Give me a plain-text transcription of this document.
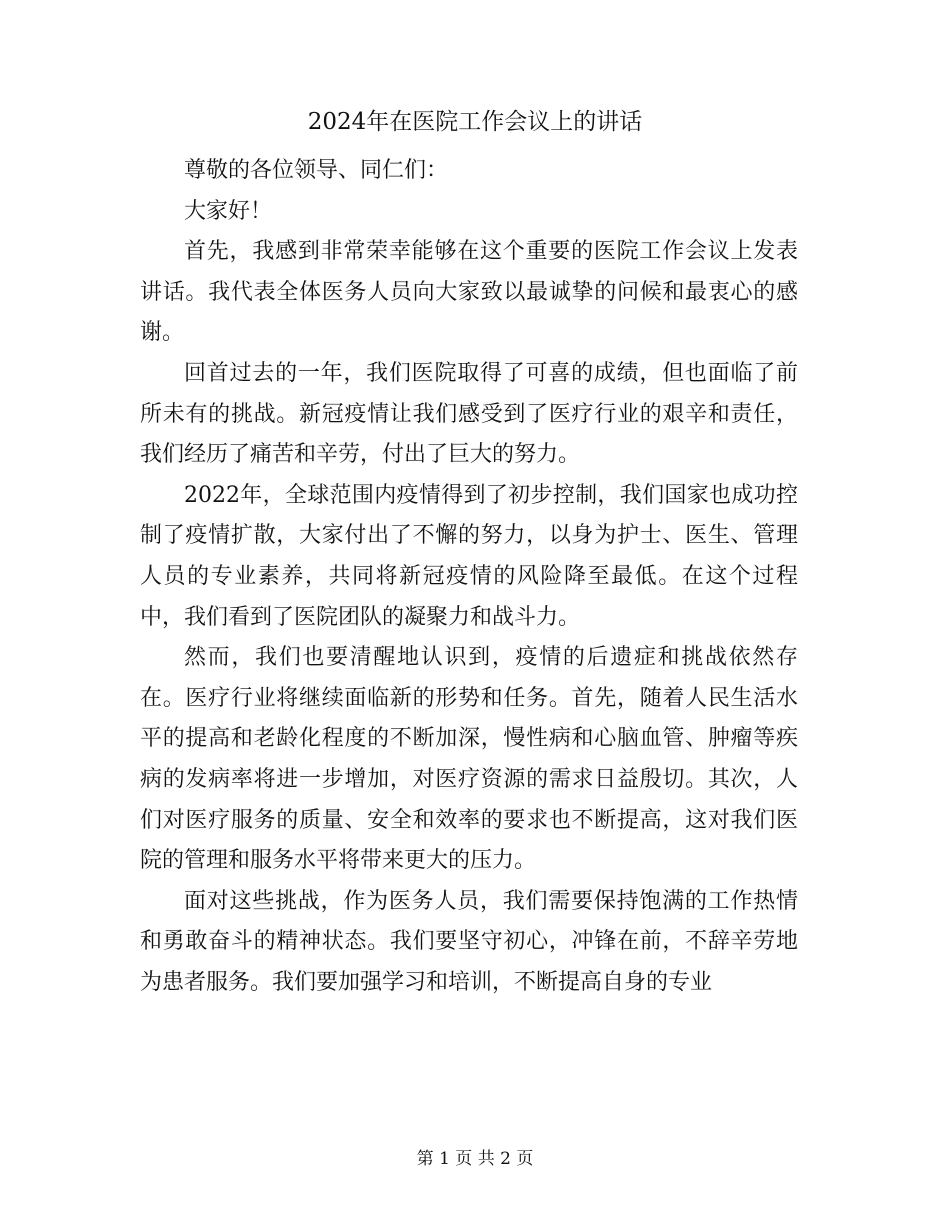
2024年在医院工作会议上的讲话

尊敬的各位领导、同仁们：

大家好！

首先，我感到非常荣幸能够在这个重要的医院工作会议上发表讲话。我代表全体医务人员向大家致以最诚挚的问候和最衷心的感谢。

回首过去的一年，我们医院取得了可喜的成绩，但也面临了前所未有的挑战。新冠疫情让我们感受到了医疗行业的艰辛和责任，我们经历了痛苦和辛劳，付出了巨大的努力。

2022年，全球范围内疫情得到了初步控制，我们国家也成功控制了疫情扩散，大家付出了不懈的努力，以身为护士、医生、管理人员的专业素养，共同将新冠疫情的风险降至最低。在这个过程中，我们看到了医院团队的凝聚力和战斗力。

然而，我们也要清醒地认识到，疫情的后遗症和挑战依然存在。医疗行业将继续面临新的形势和任务。首先，随着人民生活水平的提高和老龄化程度的不断加深，慢性病和心脑血管、肿瘤等疾病的发病率将进一步增加，对医疗资源的需求日益殷切。其次，人们对医疗服务的质量、安全和效率的要求也不断提高，这对我们医院的管理和服务水平将带来更大的压力。

面对这些挑战，作为医务人员，我们需要保持饱满的工作热情和勇敢奋斗的精神状态。我们要坚守初心，冲锋在前，不辞辛劳地为患者服务。我们要加强学习和培训，不断提高自身的专业

第 1 页 共 2 页
